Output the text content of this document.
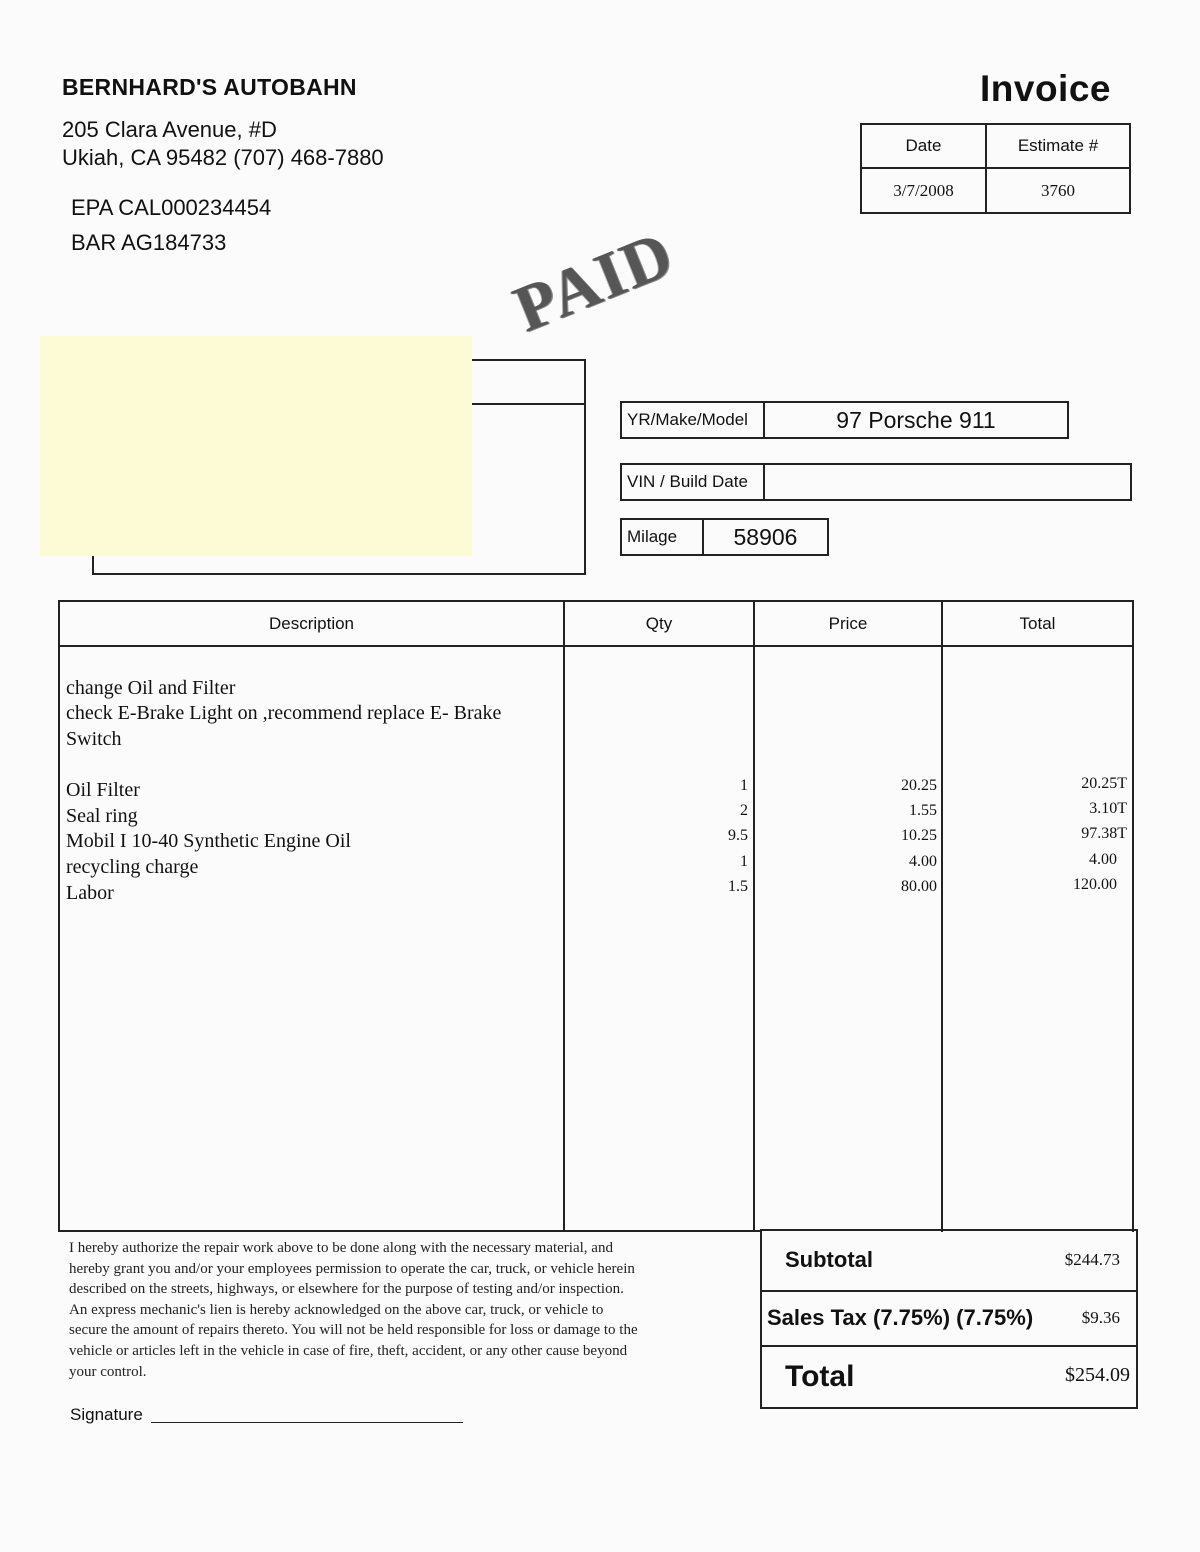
BERNHARD'S AUTOBAHN
205 Clara Avenue, #D
Ukiah, CA 95482 (707) 468-7880
EPA CAL000234454
BAR AG184733
Invoice
Date	Estimate #
3/7/2008	3760
PAID
YR/Make/Model	97 Porsche 911
VIN / Build Date
Milage	58906
Description	Qty	Price	Total
change Oil and Filter
check E-Brake Light on ,recommend replace E- Brake
Switch
Oil Filter	1	20.25	20.25T
Seal ring	2	1.55	3.10T
Mobil I 10-40 Synthetic Engine Oil	9.5	10.25	97.38T
recycling charge	1	4.00	4.00
Labor	1.5	80.00	120.00
I hereby authorize the repair work above to be done along with the necessary material, and
hereby grant you and/or your employees permission to operate the car, truck, or vehicle herein
described on the streets, highways, or elsewhere for the purpose of testing and/or inspection.
An express mechanic's lien is hereby acknowledged on the above car, truck, or vehicle to
secure the amount of repairs thereto. You will not be held responsible for loss or damage to the
vehicle or articles left in the vehicle in case of fire, theft, accident, or any other cause beyond
your control.
Signature
Subtotal	$244.73
Sales Tax (7.75%) (7.75%)	$9.36
Total	$254.09
